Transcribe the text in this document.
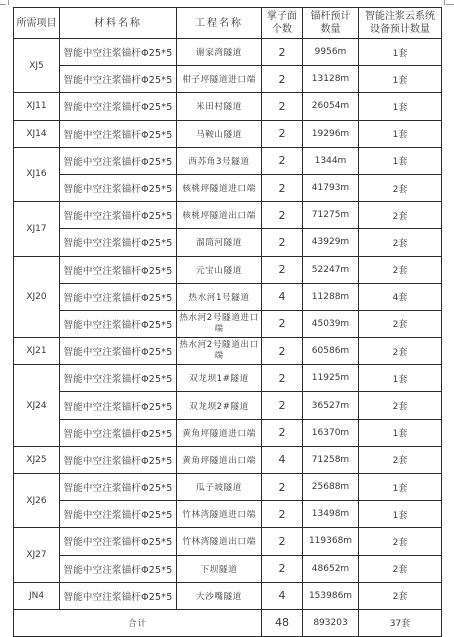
所需项目	材料名称	工程名称	掌子面个数	锚杆预计数量	智能注浆云系统设备预计数量
XJ5	智能中空注浆锚杆Φ25*5	谢家湾隧道	2	9956m	1套
	智能中空注浆锚杆Φ25*5	柑子坪隧道进口端	2	13128m	1套
XJ11	智能中空注浆锚杆Φ25*5	米田村隧道	2	26054m	1套
XJ14	智能中空注浆锚杆Φ25*5	马鞍山隧道	2	19296m	1套
XJ16	智能中空注浆锚杆Φ25*5	西苏角3号隧道	2	1344m	1套
	智能中空注浆锚杆Φ25*5	核桃坪隧道进口端	2	41793m	2套
XJ17	智能中空注浆锚杆Φ25*5	核桃坪隧道出口端	2	71275m	2套
	智能中空注浆锚杆Φ25*5	溜筒河隧道	2	43929m	2套
XJ20	智能中空注浆锚杆Φ25*5	元宝山隧道	2	52247m	2套
	智能中空注浆锚杆Φ25*5	热水河1号隧道	4	11288m	4套
	智能中空注浆锚杆Φ25*5	热水河2号隧道进口端	2	45039m	2套
XJ21	智能中空注浆锚杆Φ25*5	热水河2号隧道出口端	2	60586m	2套
XJ24	智能中空注浆锚杆Φ25*5	双龙坝1#隧道	2	11925m	1套
	智能中空注浆锚杆Φ25*5	双龙坝2#隧道	2	36527m	2套
	智能中空注浆锚杆Φ25*5	黄角坪隧道进口端	2	16370m	1套
XJ25	智能中空注浆锚杆Φ25*5	黄角坪隧道出口端	4	71258m	2套
XJ26	智能中空注浆锚杆Φ25*5	瓜子坡隧道	2	25688m	1套
	智能中空注浆锚杆Φ25*5	竹林湾隧道进口端	2	13498m	1套
XJ27	智能中空注浆锚杆Φ25*5	竹林湾隧道出口端	2	119368m	2套
	智能中空注浆锚杆Φ25*5	下坝隧道	2	48652m	2套
JN4	智能中空注浆锚杆Φ25*5	大沙嘴隧道	4	153986m	2套
合计			48	893203	37套
